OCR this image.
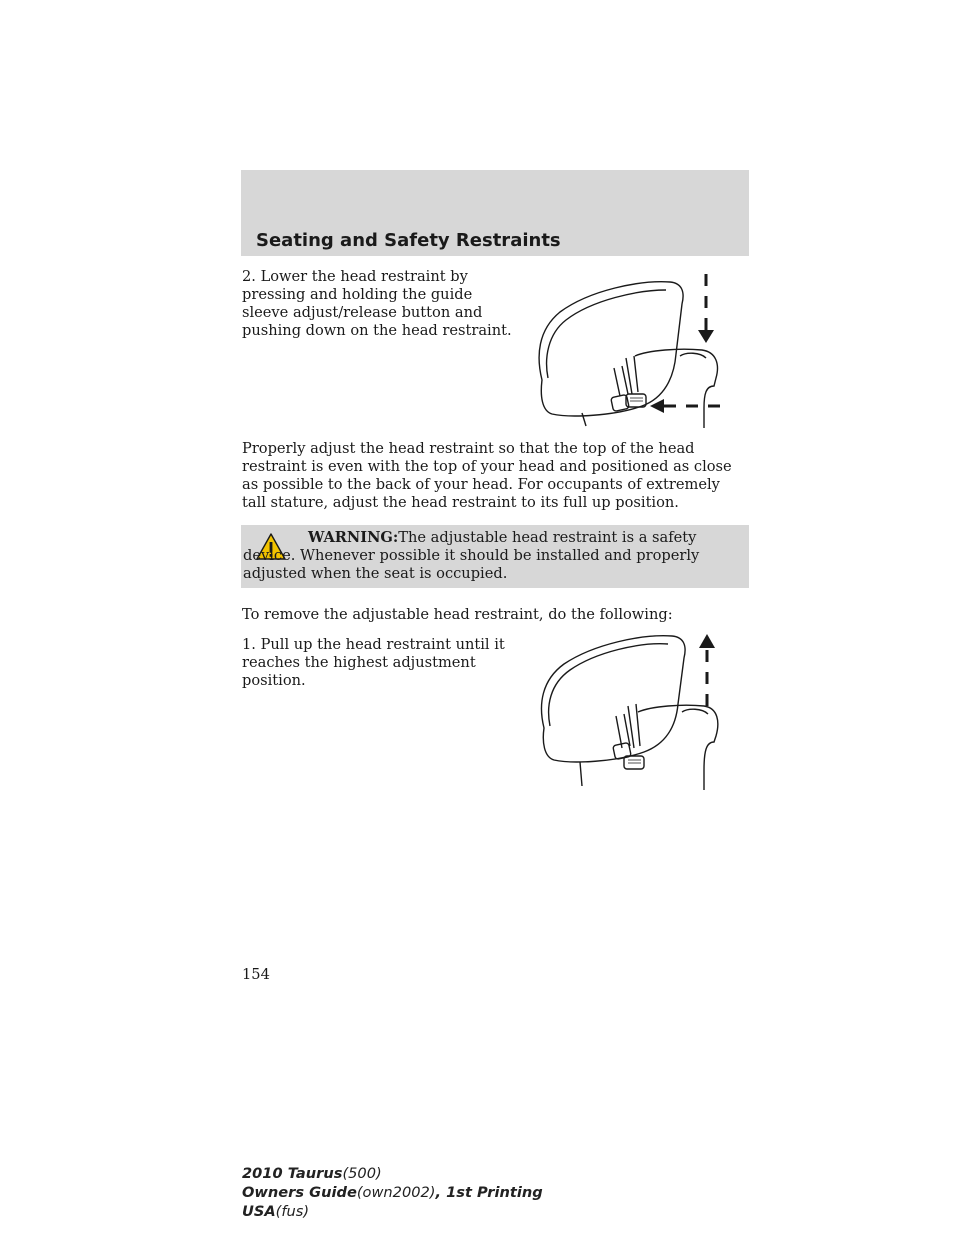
Seating and Safety Restraints

2. Lower the head restraint by pressing and holding the guide sleeve adjust/release button and pushing down on the head restraint.

Properly adjust the head restraint so that the top of the head restraint is even with the top of your head and positioned as close as possible to the back of your head. For occupants of extremely tall stature, adjust the head restraint to its full up position.

WARNING:The adjustable head restraint is a safety device. Whenever possible it should be installed and properly adjusted when the seat is occupied.

To remove the adjustable head restraint, do the following:

1. Pull up the head restraint until it reaches the highest adjustment position.

154
2010 Taurus(500)
Owners Guide(own2002), 1st Printing
USA(fus)
